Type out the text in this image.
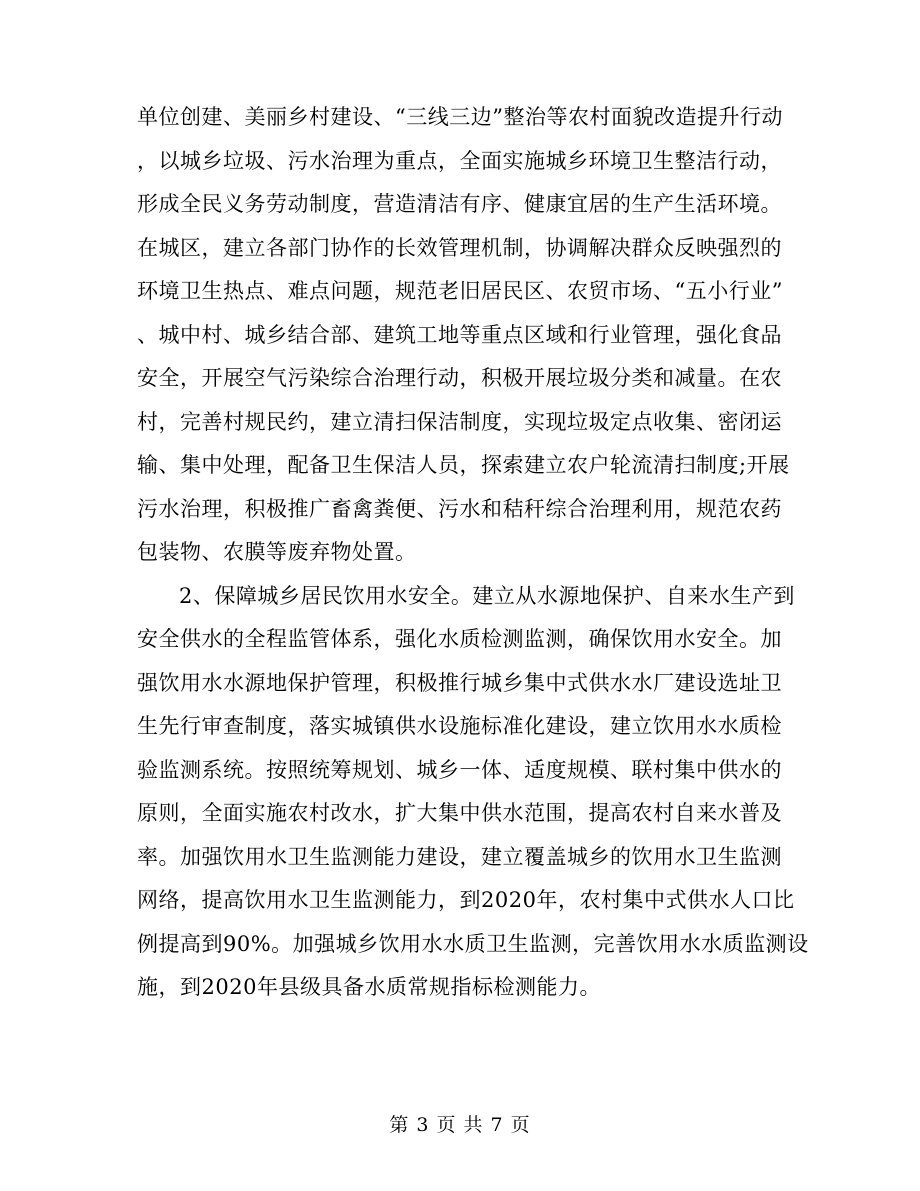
单位创建、美丽乡村建设、“三线三边”整治等农村面貌改造提升行动
，以城乡垃圾、污水治理为重点，全面实施城乡环境卫生整洁行动，
形成全民义务劳动制度，营造清洁有序、健康宜居的生产生活环境。
在城区，建立各部门协作的长效管理机制，协调解决群众反映强烈的
环境卫生热点、难点问题，规范老旧居民区、农贸市场、“五小行业”
、城中村、城乡结合部、建筑工地等重点区域和行业管理，强化食品
安全，开展空气污染综合治理行动，积极开展垃圾分类和减量。在农
村，完善村规民约，建立清扫保洁制度，实现垃圾定点收集、密闭运
输、集中处理，配备卫生保洁人员，探索建立农户轮流清扫制度;开展
污水治理，积极推广畜禽粪便、污水和秸秆综合治理利用，规范农药
包装物、农膜等废弃物处置。
2、保障城乡居民饮用水安全。建立从水源地保护、自来水生产到
安全供水的全程监管体系，强化水质检测监测，确保饮用水安全。加
强饮用水水源地保护管理，积极推行城乡集中式供水水厂建设选址卫
生先行审查制度，落实城镇供水设施标准化建设，建立饮用水水质检
验监测系统。按照统筹规划、城乡一体、适度规模、联村集中供水的
原则，全面实施农村改水，扩大集中供水范围，提高农村自来水普及
率。加强饮用水卫生监测能力建设，建立覆盖城乡的饮用水卫生监测
网络，提高饮用水卫生监测能力，到2020年，农村集中式供水人口比
例提高到90%。加强城乡饮用水水质卫生监测，完善饮用水水质监测设
施，到2020年县级具备水质常规指标检测能力。
第 3 页 共 7 页
